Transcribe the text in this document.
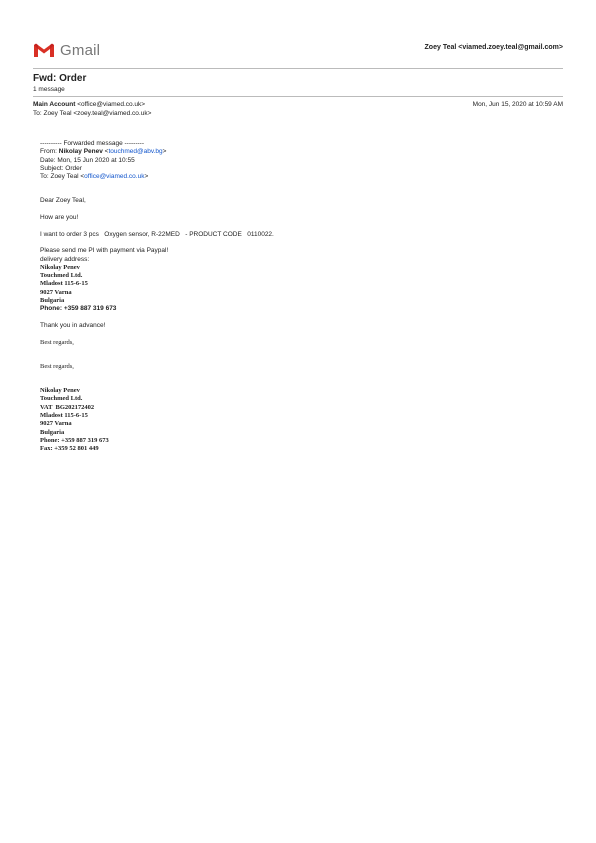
Gmail	Zoey Teal <viamed.zoey.teal@gmail.com>
Fwd: Order
1 message
Main Account <office@viamed.co.uk>	Mon, Jun 15, 2020 at 10:59 AM
To: Zoey Teal <zoey.teal@viamed.co.uk>
---------- Forwarded message ---------
From: Nikolay Penev <touchmed@abv.bg>
Date: Mon, 15 Jun 2020 at 10:55
Subject: Order
To: Zoey Teal <office@viamed.co.uk>
Dear Zoey Teal,
How are you!
I want to order 3 pcs   Oxygen sensor, R-22MED   - PRODUCT CODE   0110022.
Please send me PI with payment via Paypal!
delivery address:
Nikolay Penev
Touchmed Ltd.
Mladost 115-6-15
9027 Varna
Bulgaria
Phone: +359 887 319 673
Thank you in advance!
Best regards,
Best regards,
Nikolay Penev
Touchmed Ltd.
VAT  BG202172402
Mladost 115-6-15
9027 Varna
Bulgaria
Phone: +359 887 319 673
Fax: +359 52 801 449
